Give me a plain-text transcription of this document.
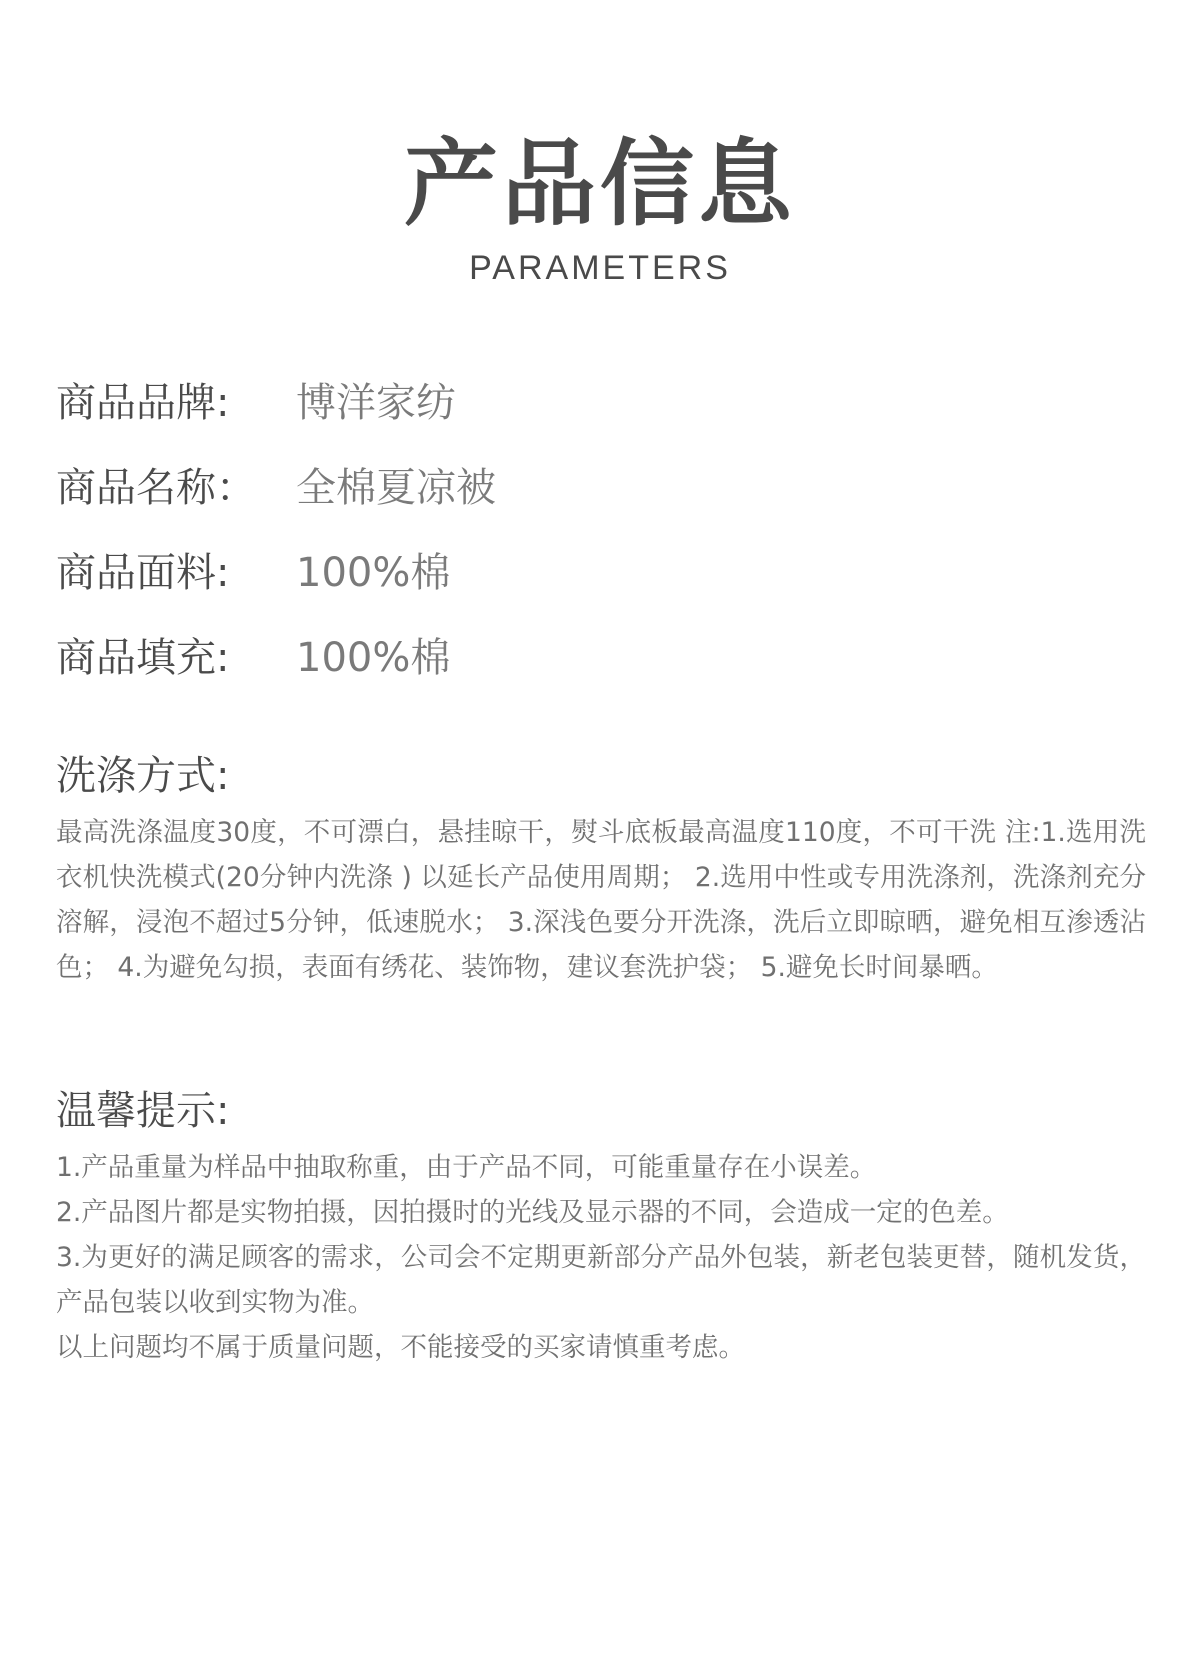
产品信息
PARAMETERS
商品品牌: 博洋家纺
商品名称： 全棉夏凉被
商品面料: 100%棉
商品填充: 100%棉
洗涤方式:

最高洗涤温度30度，不可漂白，悬挂晾干，熨斗底板最高温度110度，不可干洗 注:1.选用洗衣机快洗模式(20分钟内洗涤 ) 以延长产品使用周期； 2.选用中性或专用洗涤剂，洗涤剂充分溶解，浸泡不超过5分钟，低速脱水； 3.深浅色要分开洗涤，洗后立即晾晒，避免相互渗透沾色； 4.为避免勾损，表面有绣花、装饰物，建议套洗护袋； 5.避免长时间暴晒。

温馨提示:

1.产品重量为样品中抽取称重，由于产品不同，可能重量存在小误差。

2.产品图片都是实物拍摄，因拍摄时的光线及显示器的不同，会造成一定的色差。

3.为更好的满足顾客的需求，公司会不定期更新部分产品外包装，新老包装更替，随机发货，产品包装以收到实物为准。

以上问题均不属于质量问题，不能接受的买家请慎重考虑。
